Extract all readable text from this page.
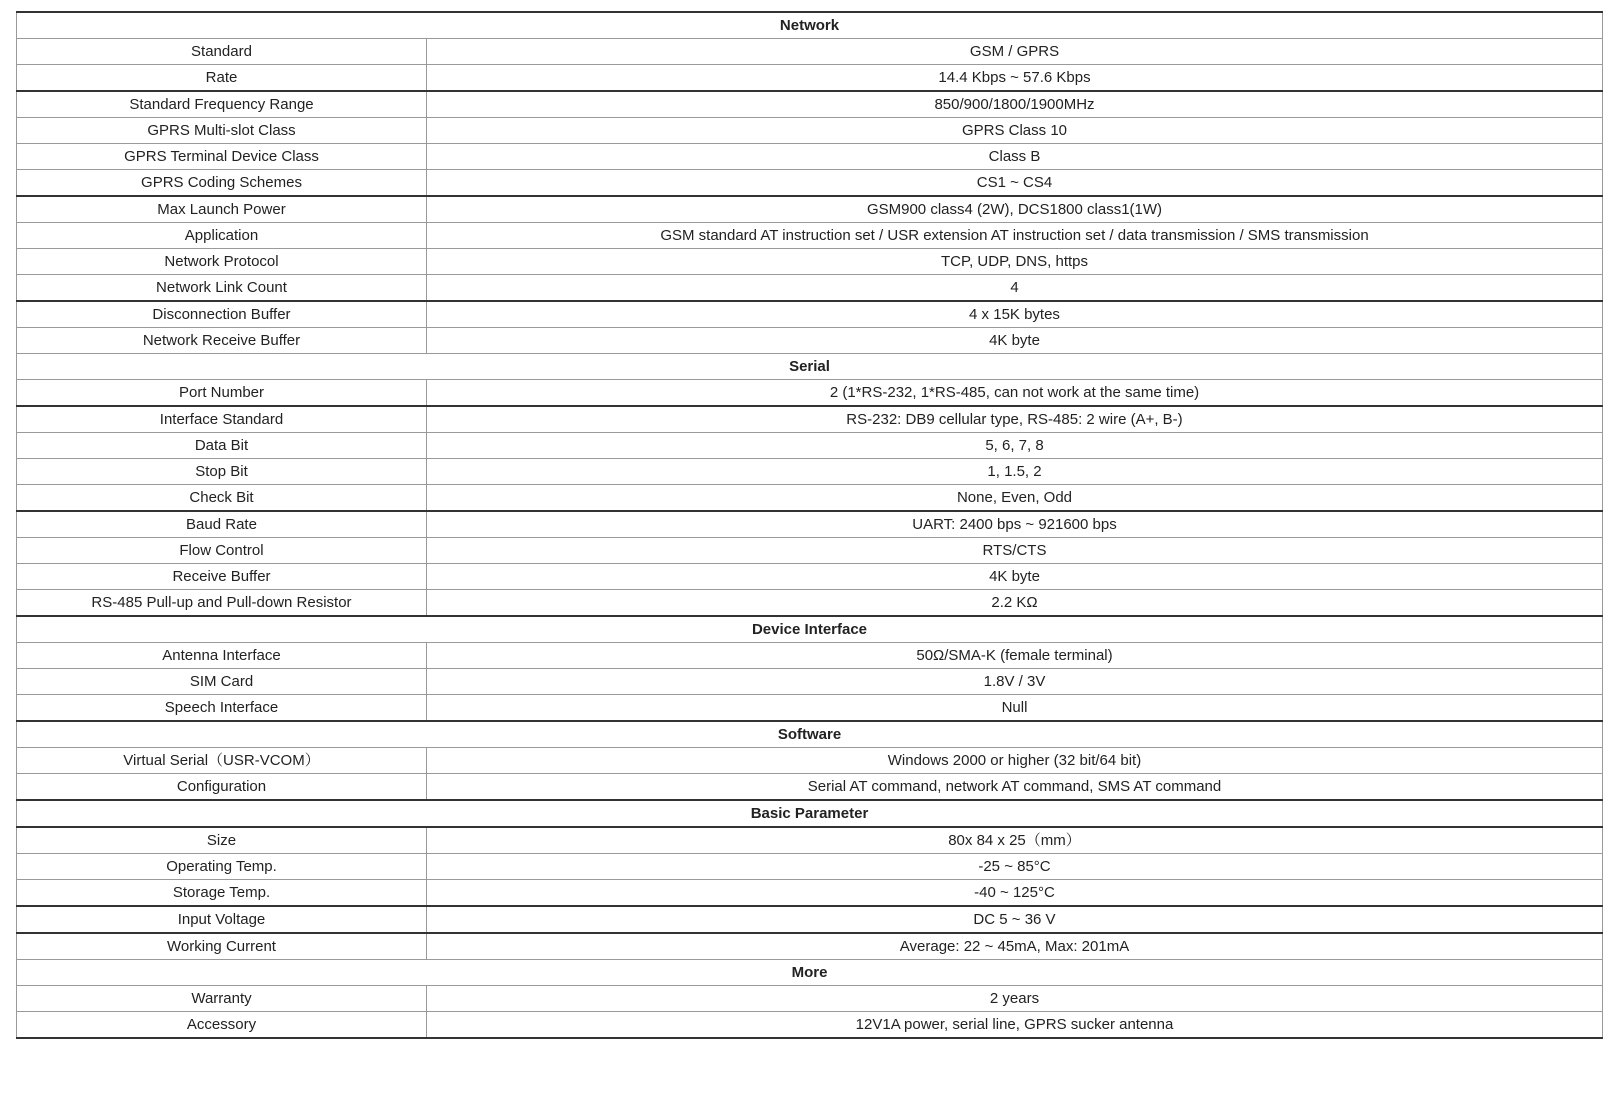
Network	
Standard	GSM / GPRS
Rate	14.4 Kbps ~ 57.6 Kbps
Standard Frequency Range	850/900/1800/1900MHz
GPRS Multi-slot Class	GPRS Class 10
GPRS Terminal Device Class	Class B
GPRS Coding Schemes	CS1 ~ CS4
Max Launch Power	GSM900 class4 (2W), DCS1800 class1(1W)
Application	GSM standard AT instruction set / USR extension AT instruction set / data transmission / SMS transmission
Network Protocol	TCP, UDP, DNS, https
Network Link Count	4
Disconnection Buffer	4 x 15K bytes
Network Receive Buffer	4K byte
Serial	
Port Number	2 (1*RS-232, 1*RS-485, can not work at the same time)
Interface Standard	RS-232: DB9 cellular type, RS-485: 2 wire (A+, B-)
Data Bit	5, 6, 7, 8
Stop Bit	1, 1.5, 2
Check Bit	None, Even, Odd
Baud Rate	UART: 2400 bps ~ 921600 bps
Flow Control	RTS/CTS
Receive Buffer	4K byte
RS-485 Pull-up and Pull-down Resistor	2.2 KΩ
Device Interface	
Antenna Interface	50Ω/SMA-K (female terminal)
SIM Card	1.8V / 3V
Speech Interface	Null
Software	
Virtual Serial（USR-VCOM）	Windows 2000 or higher (32 bit/64 bit)
Configuration	Serial AT command, network AT command, SMS AT command
Basic Parameter	
Size	80x 84 x 25（mm）
Operating Temp.	-25 ~ 85°C
Storage Temp.	-40 ~ 125°C
Input Voltage	DC 5 ~ 36 V
Working Current	Average: 22 ~ 45mA, Max: 201mA
More	
Warranty	2 years
Accessory	12V1A power, serial line, GPRS sucker antenna
